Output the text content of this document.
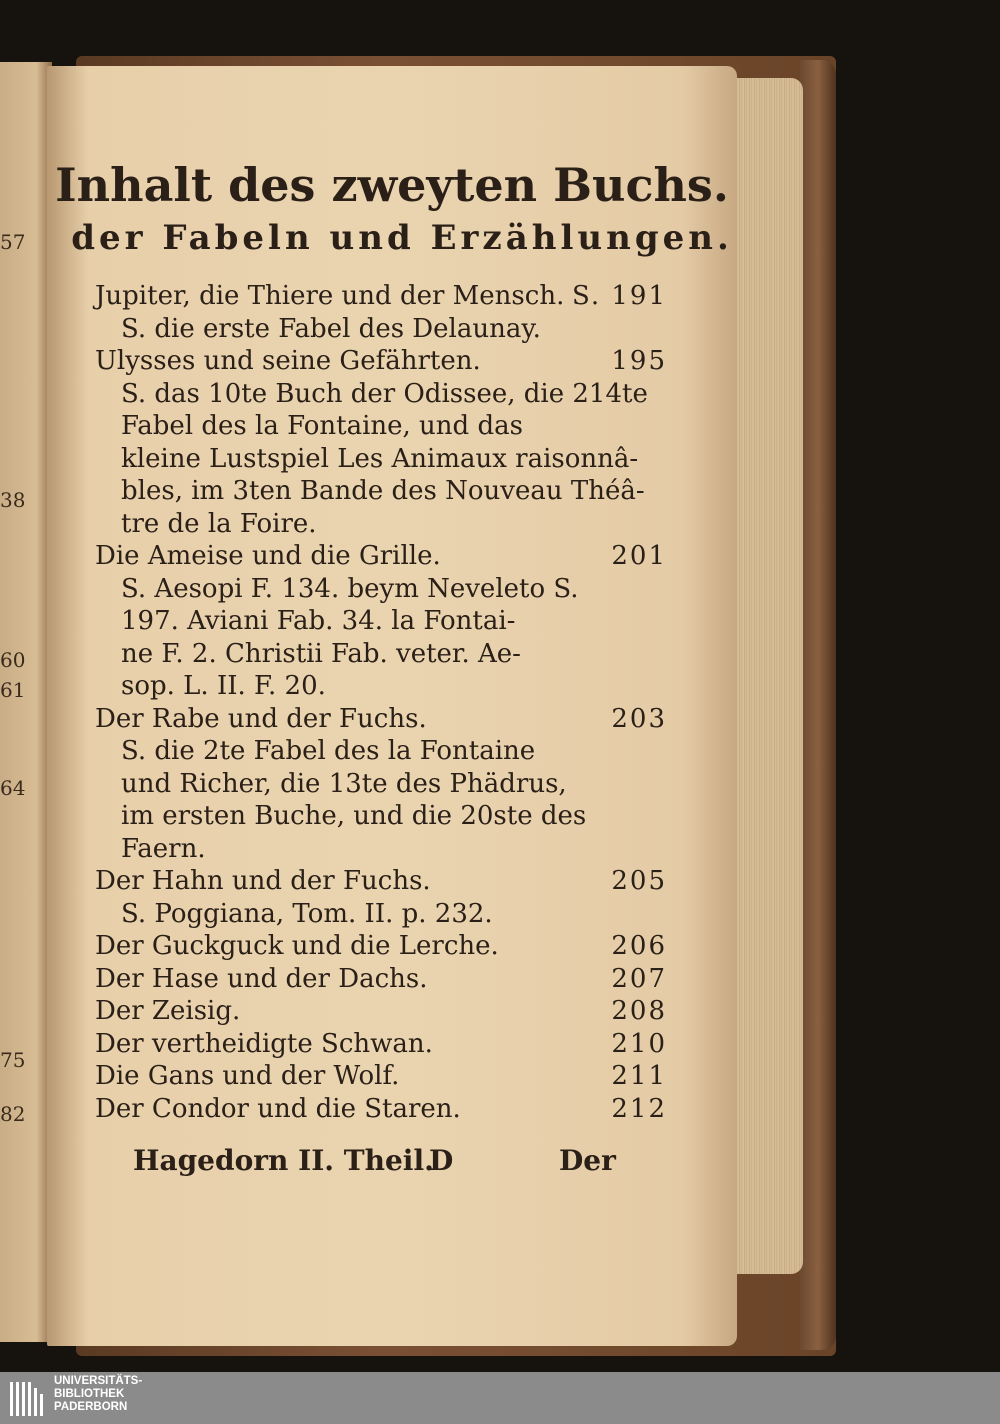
57
38
60
61
64
75
82
Inhalt des zweyten Buchs.
der Fabeln und Erzählungen.
Jupiter, die Thiere und der Mensch. S. 191
S. die erste Fabel des Delaunay.
Ulysses und seine Gefährten.	195
S. das 10te Buch der Odissee, die 214te
Fabel des la Fontaine, und das
kleine Lustspiel Les Animaux raisonnâ-
bles, im 3ten Bande des Nouveau Théâ-
tre de la Foire.
Die Ameise und die Grille.	201
S. Aesopi F. 134. beym Neveleto S.
197. Aviani Fab. 34. la Fontai-
ne F. 2. Christii Fab. veter. Ae-
sop. L. II. F. 20.
Der Rabe und der Fuchs.	203
S. die 2te Fabel des la Fontaine
und Richer, die 13te des Phädrus,
im ersten Buche, und die 20ste des
Faern.
Der Hahn und der Fuchs.	205
S. Poggiana, Tom. II. p. 232.
Der Guckguck und die Lerche.	206
Der Hase und der Dachs.	207
Der Zeisig.	208
Der vertheidigte Schwan.	210
Die Gans und der Wolf.	211
Der Condor und die Staren.	212
Hagedorn II. Theil.
D	Der
UNIVERSITÄTS-
BIBLIOTHEK
PADERBORN
